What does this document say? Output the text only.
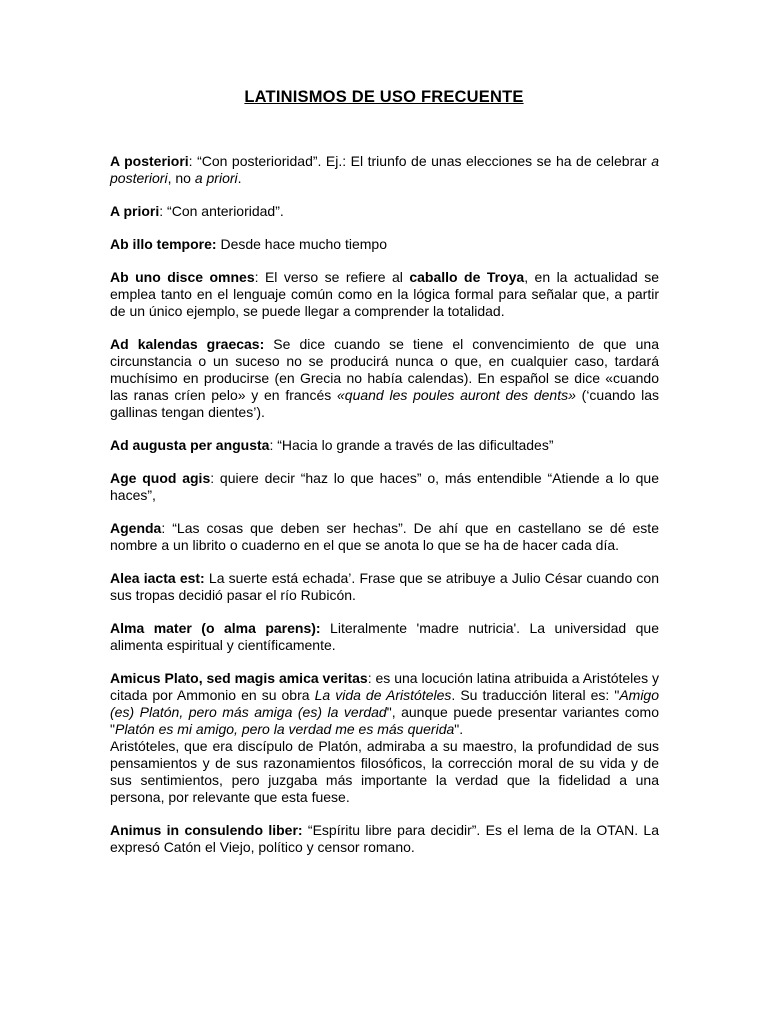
LATINISMOS DE USO FRECUENTE

A posteriori: “Con posterioridad”. Ej.: El triunfo de unas elecciones se ha de celebrar a posteriori, no a priori.

A priori: “Con anterioridad”.

Ab illo tempore: Desde hace mucho tiempo

Ab uno disce omnes: El verso se refiere al caballo de Troya, en la actualidad se emplea tanto en el lenguaje común como en la lógica formal para señalar que, a partir de un único ejemplo, se puede llegar a comprender la totalidad.

Ad kalendas graecas: Se dice cuando se tiene el convencimiento de que una circunstancia o un suceso no se producirá nunca o que, en cualquier caso, tardará muchísimo en producirse (en Grecia no había calendas). En español se dice «cuando las ranas críen pelo» y en francés «quand les poules auront des dents» (‘cuando las gallinas tengan dientes’).

Ad augusta per angusta: “Hacia lo grande a través de las dificultades”

Age quod agis: quiere decir “haz lo que haces” o, más entendible “Atiende a lo que haces”,

Agenda: “Las cosas que deben ser hechas”. De ahí que en castellano se dé este nombre a un librito o cuaderno en el que se anota lo que se ha de hacer cada día.

Alea iacta est: La suerte está echada’. Frase que se atribuye a Julio César cuando con sus tropas decidió pasar el río Rubicón.

Alma mater (o alma parens): Literalmente 'madre nutricia'. La universidad que alimenta espiritual y científicamente.

Amicus Plato, sed magis amica veritas: es una locución latina atribuida a Aristóteles y citada por Ammonio en su obra La vida de Aristóteles. Su traducción literal es: "Amigo (es) Platón, pero más amiga (es) la verdad", aunque puede presentar variantes como "Platón es mi amigo, pero la verdad me es más querida".
Aristóteles, que era discípulo de Platón, admiraba a su maestro, la profundidad de sus pensamientos y de sus razonamientos filosóficos, la corrección moral de su vida y de sus sentimientos, pero juzgaba más importante la verdad que la fidelidad a una persona, por relevante que esta fuese.

Animus in consulendo liber: “Espíritu libre para decidir”. Es el lema de la OTAN. La expresó Catón el Viejo, político y censor romano.
